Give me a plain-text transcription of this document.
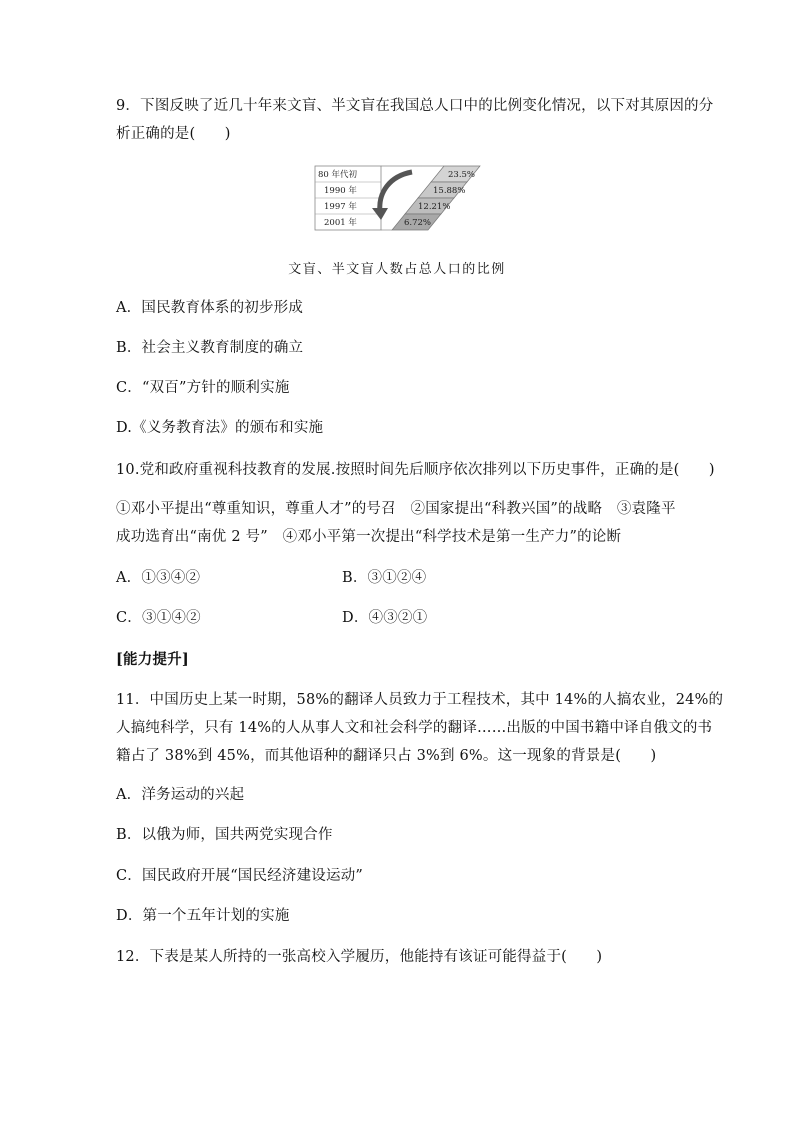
9．下图反映了近几十年来文盲、半文盲在我国总人口中的比例变化情况，以下对其原因的分
析正确的是(　　)
80 年代初
1990 年
1997 年
2001 年
23.5%
15.88%
12.21%
6.72%
文盲、半文盲人数占总人口的比例
A．国民教育体系的初步形成
B．社会主义教育制度的确立
C．“双百”方针的顺利实施
D.《义务教育法》的颁布和实施
10.党和政府重视科技教育的发展.按照时间先后顺序依次排列以下历史事件，正确的是(　　)
①邓小平提出“尊重知识，尊重人才”的号召　②国家提出“科教兴国”的战略　③袁隆平
成功选育出“南优 2 号”　④邓小平第一次提出“科学技术是第一生产力”的论断
A．①③④②	B．③①②④
C．③①④②	D．④③②①
[能力提升]
11．中国历史上某一时期，58%的翻译人员致力于工程技术，其中 14%的人搞农业，24%的
人搞纯科学，只有 14%的人从事人文和社会科学的翻译……出版的中国书籍中译自俄文的书
籍占了 38%到 45%，而其他语种的翻译只占 3%到 6%。这一现象的背景是(　　)
A．洋务运动的兴起
B．以俄为师，国共两党实现合作
C．国民政府开展“国民经济建设运动”
D．第一个五年计划的实施
12．下表是某人所持的一张高校入学履历，他能持有该证可能得益于(　　)
